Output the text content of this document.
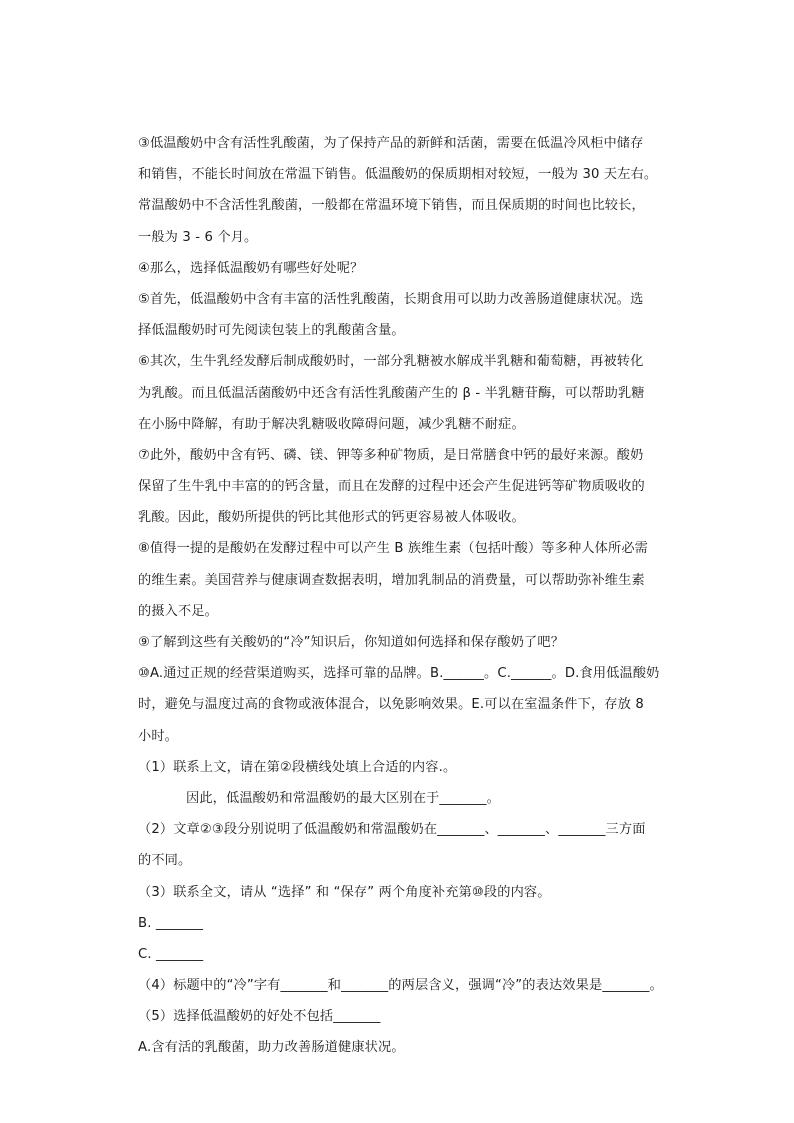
③低温酸奶中含有活性乳酸菌，为了保持产品的新鲜和活菌，需要在低温冷风柜中储存
和销售，不能长时间放在常温下销售。低温酸奶的保质期相对较短，一般为 30 天左右。
常温酸奶中不含活性乳酸菌，一般都在常温环境下销售，而且保质期的时间也比较长，
一般为 3 - 6 个月。
④那么，选择低温酸奶有哪些好处呢？
⑤首先，低温酸奶中含有丰富的活性乳酸菌，长期食用可以助力改善肠道健康状况。选
择低温酸奶时可先阅读包装上的乳酸菌含量。
⑥其次，生牛乳经发酵后制成酸奶时，一部分乳糖被水解成半乳糖和葡萄糖，再被转化
为乳酸。而且低温活菌酸奶中还含有活性乳酸菌产生的 β - 半乳糖苷酶，可以帮助乳糖
在小肠中降解，有助于解决乳糖吸收障碍问题，减少乳糖不耐症。
⑦此外，酸奶中含有钙、磷、镁、钾等多种矿物质，是日常膳食中钙的最好来源。酸奶
保留了生牛乳中丰富的的钙含量，而且在发酵的过程中还会产生促进钙等矿物质吸收的
乳酸。因此，酸奶所提供的钙比其他形式的钙更容易被人体吸收。
⑧值得一提的是酸奶在发酵过程中可以产生 B 族维生素（包括叶酸）等多种人体所必需
的维生素。美国营养与健康调查数据表明，增加乳制品的消费量，可以帮助弥补维生素
的摄入不足。
⑨了解到这些有关酸奶的“冷”知识后，你知道如何选择和保存酸奶了吧？
⑩A.通过正规的经营渠道购买，选择可靠的品牌。B.______。C.______。D.食用低温酸奶
时，避免与温度过高的食物或液体混合，以免影响效果。E.可以在室温条件下，存放 8
小时。
（1）联系上文，请在第②段横线处填上合适的内容.。
因此，低温酸奶和常温酸奶的最大区别在于_______。
（2）文章②③段分别说明了低温酸奶和常温酸奶在_______、_______、_______三方面
的不同。
（3）联系全文，请从 “选择” 和 “保存” 两个角度补充第⑩段的内容。
B. _______
C. _______
（4）标题中的“冷”字有_______和_______的两层含义，强调“冷”的表达效果是_______。
（5）选择低温酸奶的好处不包括_______
A.含有活的乳酸菌，助力改善肠道健康状况。
